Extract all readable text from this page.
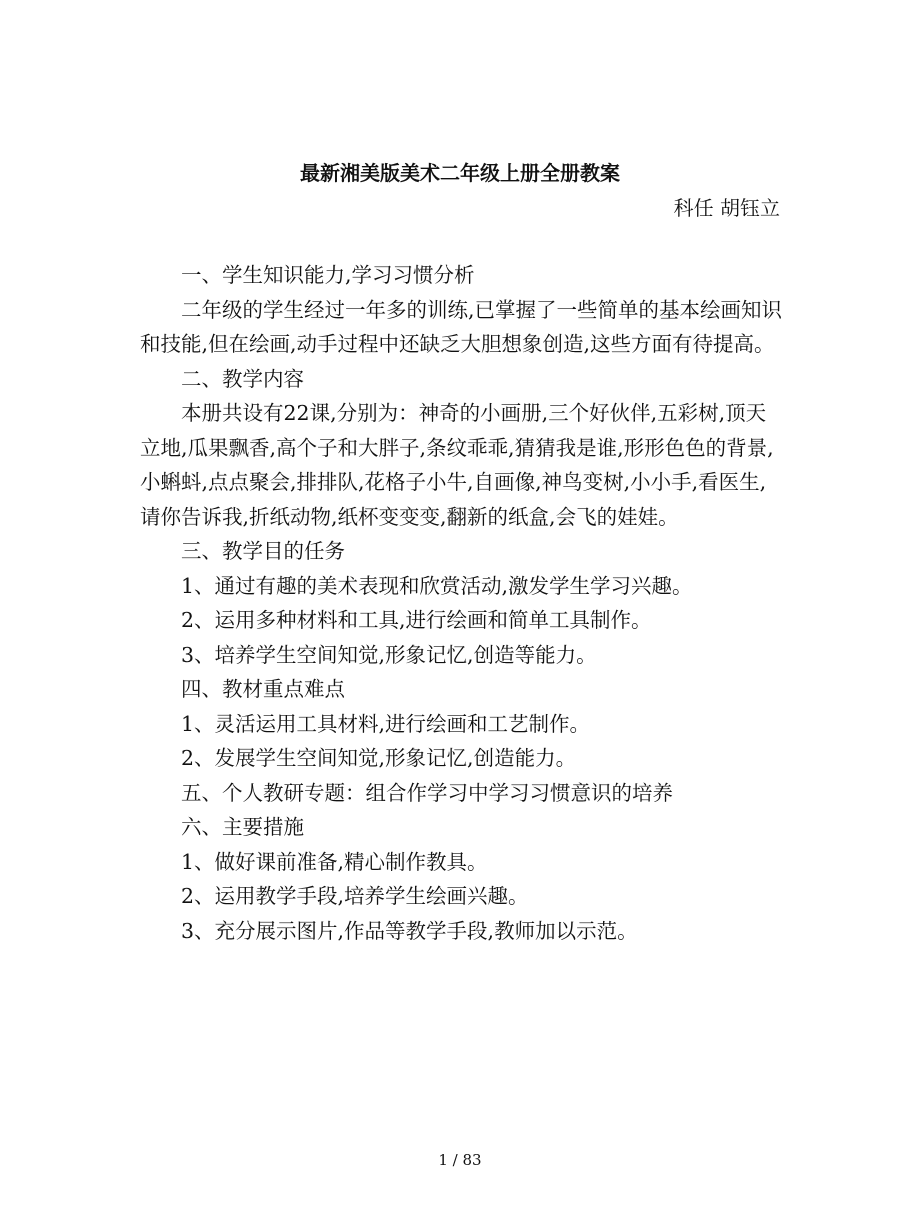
最新湘美版美术二年级上册全册教案
科任 胡钰立

一、学生知识能力,学习习惯分析

二年级的学生经过一年多的训练,已掌握了一些简单的基本绘画知识和技能,但在绘画,动手过程中还缺乏大胆想象创造,这些方面有待提高。

二、教学内容

本册共设有22课,分别为：神奇的小画册,三个好伙伴,五彩树,顶天立地,瓜果飘香,高个子和大胖子,条纹乖乖,猜猜我是谁,形形色色的背景,小蝌蚪,点点聚会,排排队,花格子小牛,自画像,神鸟变树,小小手,看医生,请你告诉我,折纸动物,纸杯变变变,翻新的纸盒,会飞的娃娃。

三、教学目的任务

1、通过有趣的美术表现和欣赏活动,激发学生学习兴趣。

2、运用多种材料和工具,进行绘画和简单工具制作。

3、培养学生空间知觉,形象记忆,创造等能力。

四、教材重点难点

1、灵活运用工具材料,进行绘画和工艺制作。

2、发展学生空间知觉,形象记忆,创造能力。

五、个人教研专题：组合作学习中学习习惯意识的培养

六、主要措施

1、做好课前准备,精心制作教具。

2、运用教学手段,培养学生绘画兴趣。

3、充分展示图片,作品等教学手段,教师加以示范。

1 / 83
